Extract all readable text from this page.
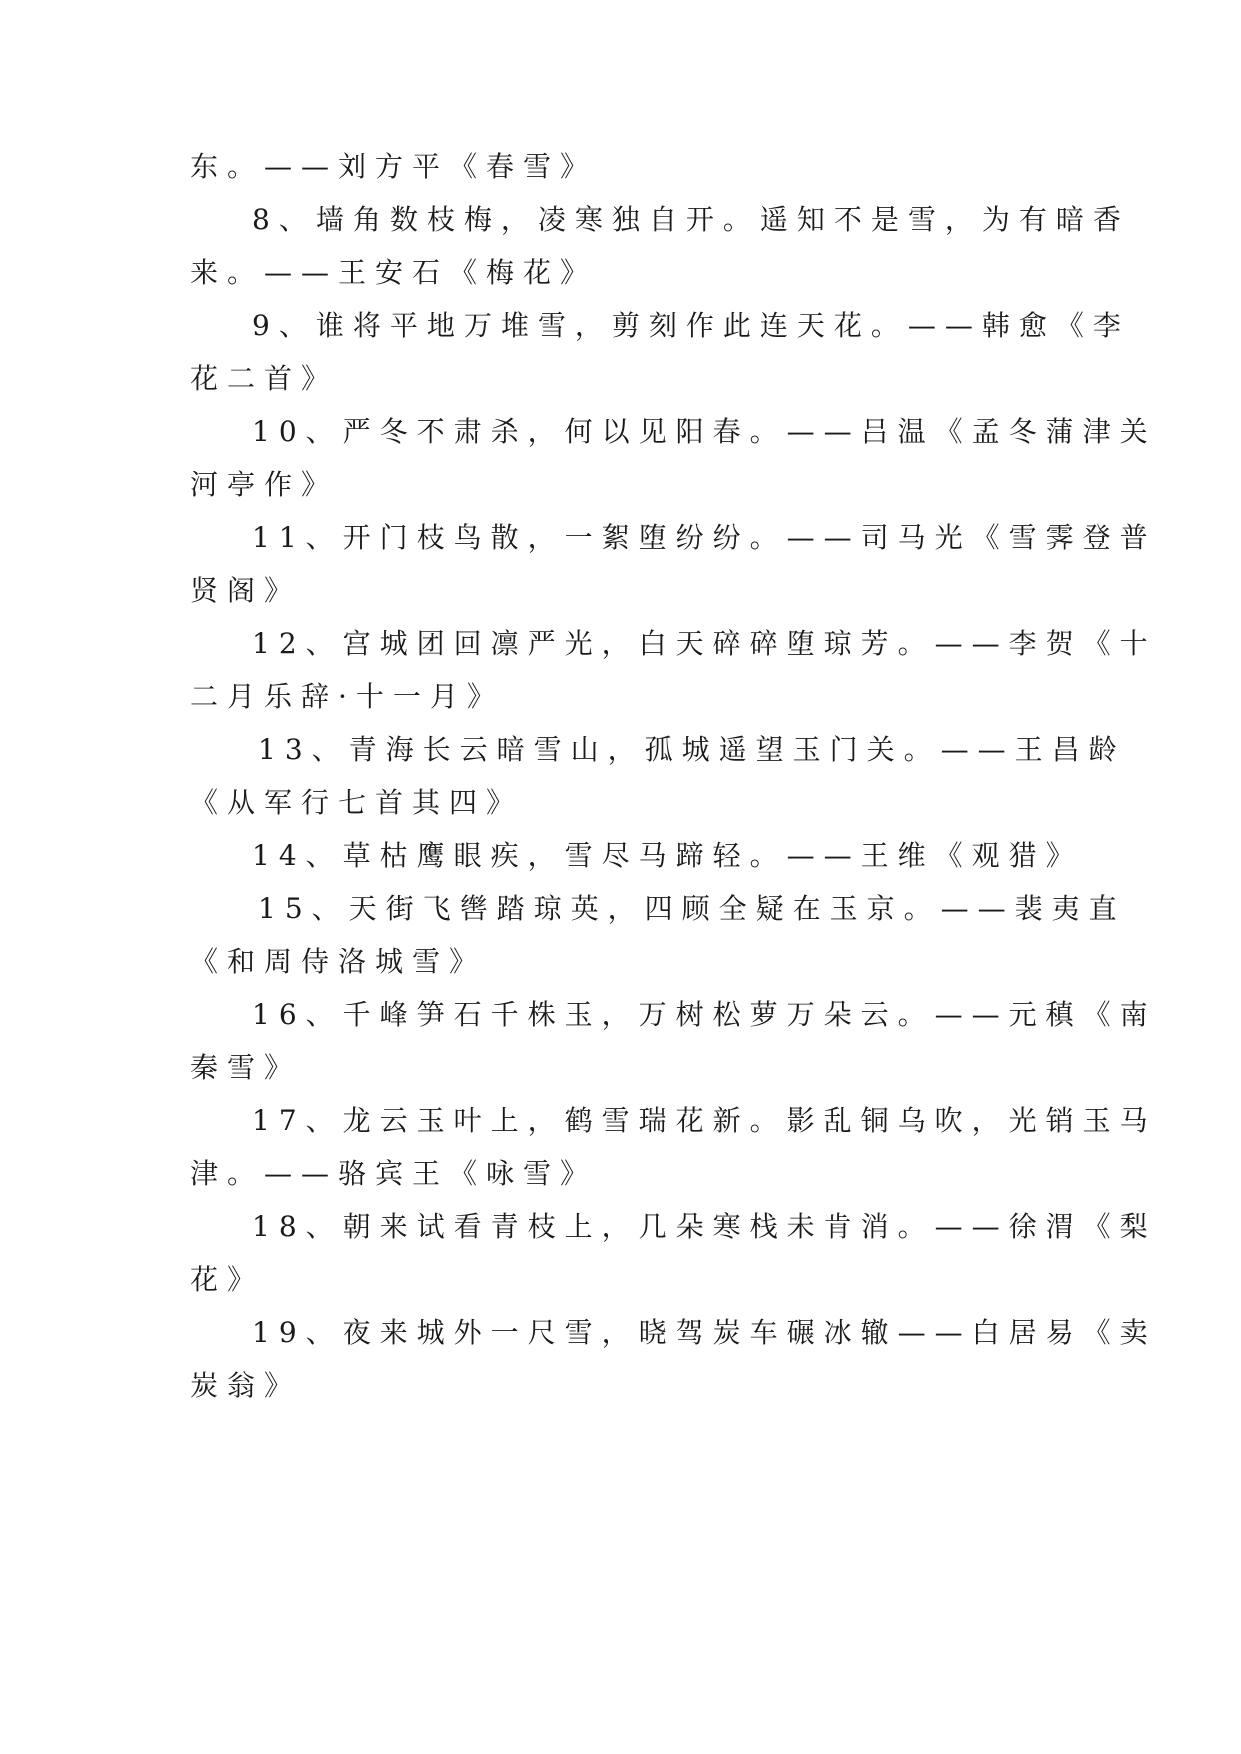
东。——刘方平《春雪》
8、墙角数枝梅，凌寒独自开。遥知不是雪，为有暗香
来。——王安石《梅花》
9、谁将平地万堆雪，剪刻作此连天花。——韩愈《李
花二首》
10、严冬不肃杀，何以见阳春。——吕温《孟冬蒲津关
河亭作》
11、开门枝鸟散，一絮堕纷纷。——司马光《雪霁登普
贤阁》
12、宫城团回凛严光，白天碎碎堕琼芳。——李贺《十
二月乐辞·十一月》
13、青海长云暗雪山，孤城遥望玉门关。——王昌龄
《从军行七首其四》
14、草枯鹰眼疾，雪尽马蹄轻。——王维《观猎》
15、天街飞辔踏琼英，四顾全疑在玉京。——裴夷直
《和周侍洛城雪》
16、千峰笋石千株玉，万树松萝万朵云。——元稹《南
秦雪》
17、龙云玉叶上，鹤雪瑞花新。影乱铜乌吹，光销玉马
津。——骆宾王《咏雪》
18、朝来试看青枝上，几朵寒栈未肯消。——徐渭《梨
花》
19、夜来城外一尺雪，晓驾炭车碾冰辙——白居易《卖
炭翁》
